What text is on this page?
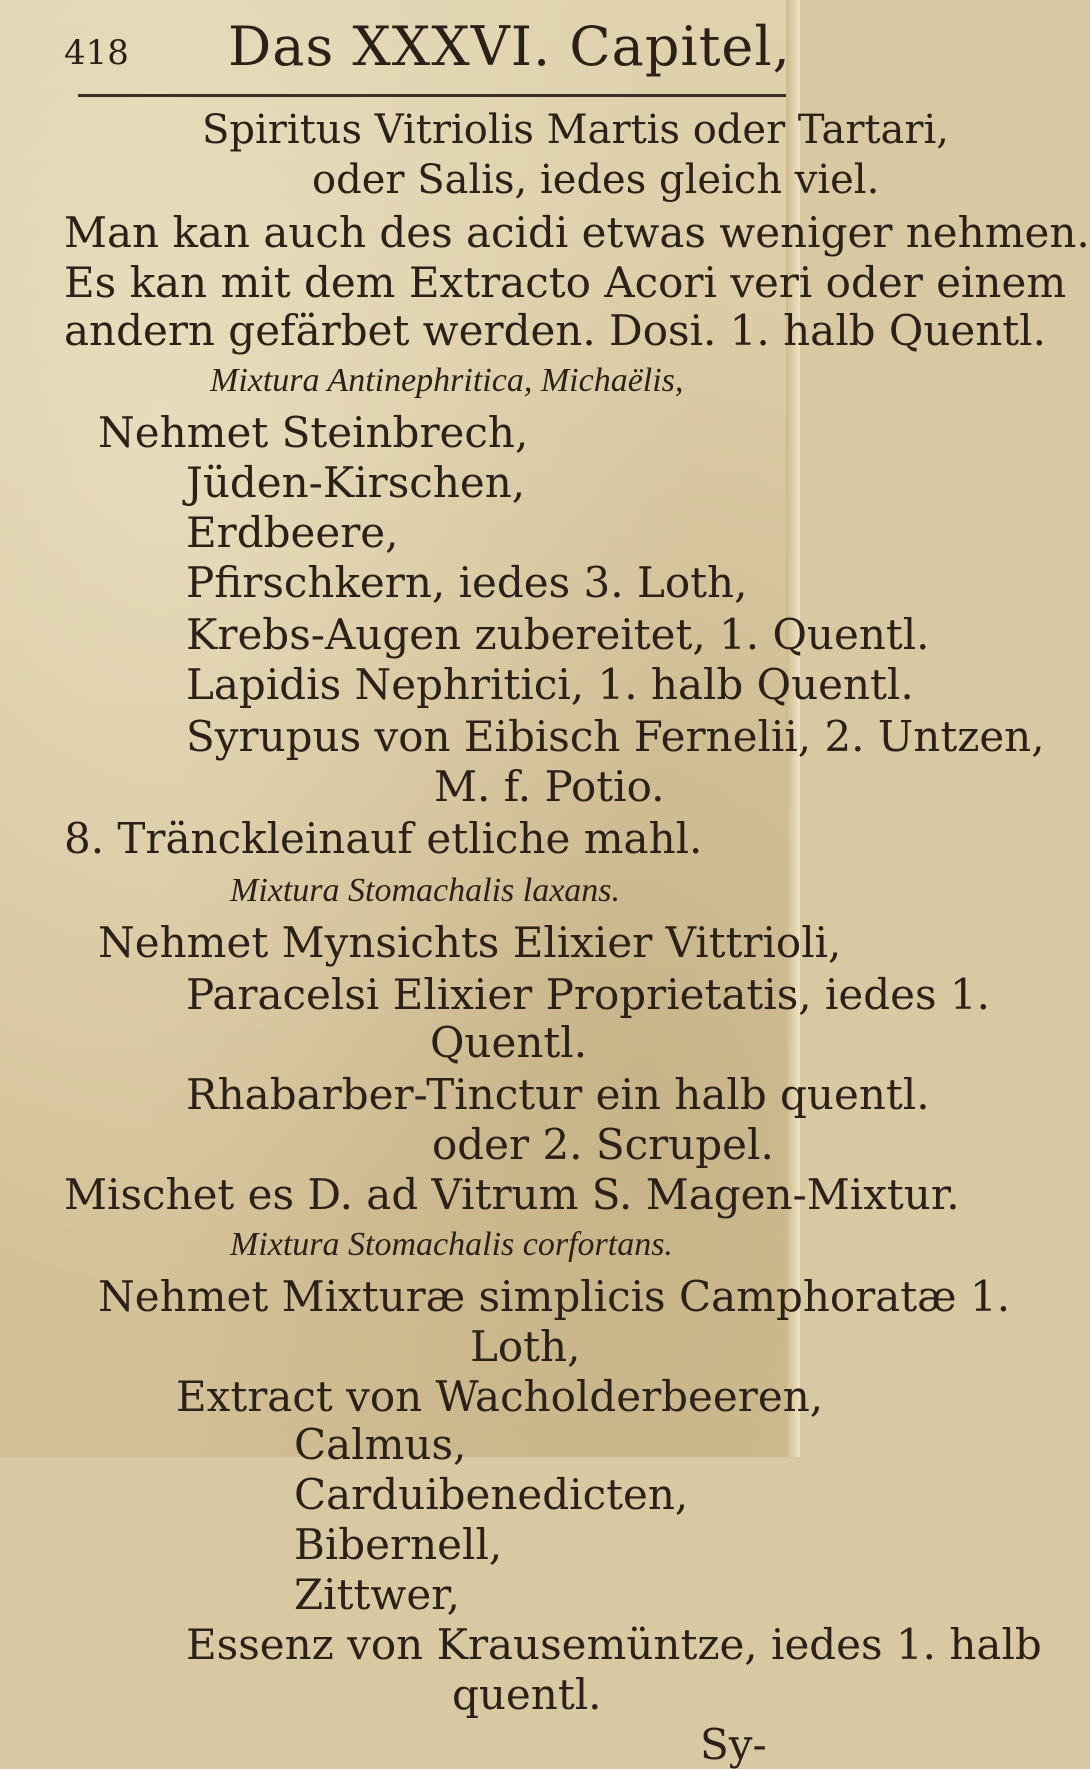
418 Das XXXVI. Capitel,
Spiritus Vitriolis Martis oder Tartari,
oder Salis, iedes gleich viel.
Man kan auch des acidi etwas weniger nehmen.
Es kan mit dem Extracto Acori veri oder einem
andern gefärbet werden. Dosi. 1. halb Quentl.
Mixtura Antinephritica, Michaëlis,
Nehmet Steinbrech,
Jüden-Kirschen,
Erdbeere,
Pfirschkern, iedes 3. Loth,
Krebs-Augen zubereitet, 1. Quentl.
Lapidis Nephritici, 1. halb Quentl.
Syrupus von Eibisch Fernelii, 2. Untzen,
M. f. Potio.
8. Tränckleinauf etliche mahl.
Mixtura Stomachalis laxans.
Nehmet Mynsichts Elixier Vittrioli,
Paracelsi Elixier Proprietatis, iedes 1.
Quentl.
Rhabarber-Tinctur ein halb quentl.
oder 2. Scrupel.
Mischet es D. ad Vitrum S. Magen-Mixtur.
Mixtura Stomachalis corfortans.
Nehmet Mixturæ simplicis Camphoratæ 1.
Loth,
Extract von Wacholderbeeren,
Calmus,
Carduibenedicten,
Bibernell,
Zittwer,
Essenz von Krausemüntze, iedes 1. halb
quentl.
Sy-
